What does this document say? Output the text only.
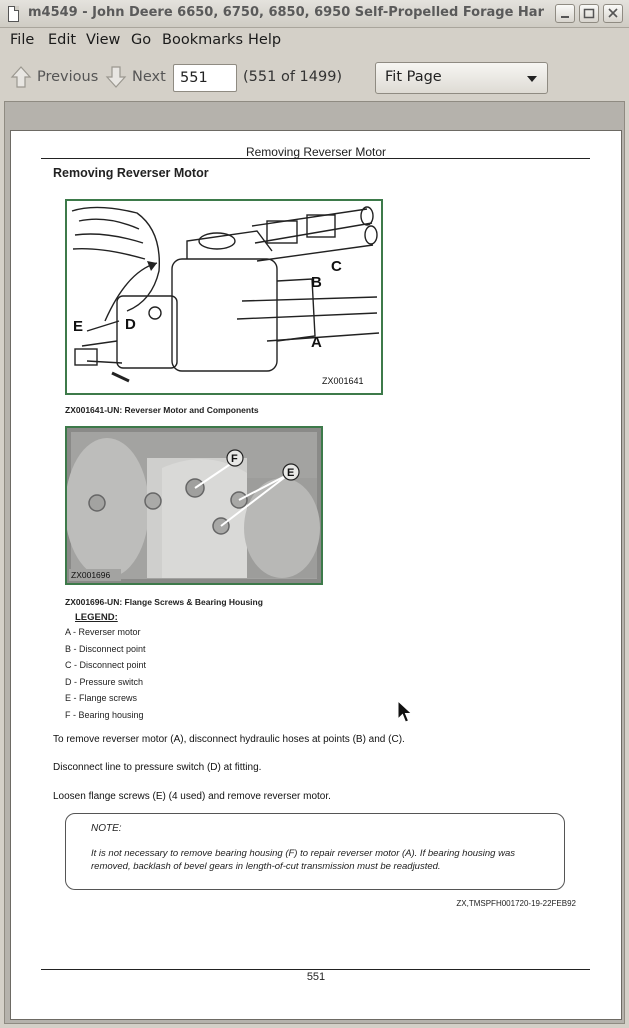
m4549 - John Deere 6650, 6750, 6850, 6950 Self-Propelled Forage Har
File Edit View Go Bookmarks Help
Previous Next
551	(551 of 1499)	Fit Page
Removing Reverser Motor
Removing Reverser Motor
A
B
C
D
E
ZX001641
ZX001641-UN: Reverser Motor and Components
F
E
ZX001696
ZX001696-UN: Flange Screws & Bearing Housing
LEGEND:
A - Reverser motor
B - Disconnect point
C - Disconnect point
D - Pressure switch
E - Flange screws
F - Bearing housing
To remove reverser motor (A), disconnect hydraulic hoses at points (B) and (C).
Disconnect line to pressure switch (D) at fitting.
Loosen flange screws (E) (4 used) and remove reverser motor.
NOTE:
It is not necessary to remove bearing housing (F) to repair reverser motor (A). If bearing housing was removed, backlash of bevel gears in length-of-cut transmission must be readjusted.
ZX,TMSPFH001720-19-22FEB92
551
